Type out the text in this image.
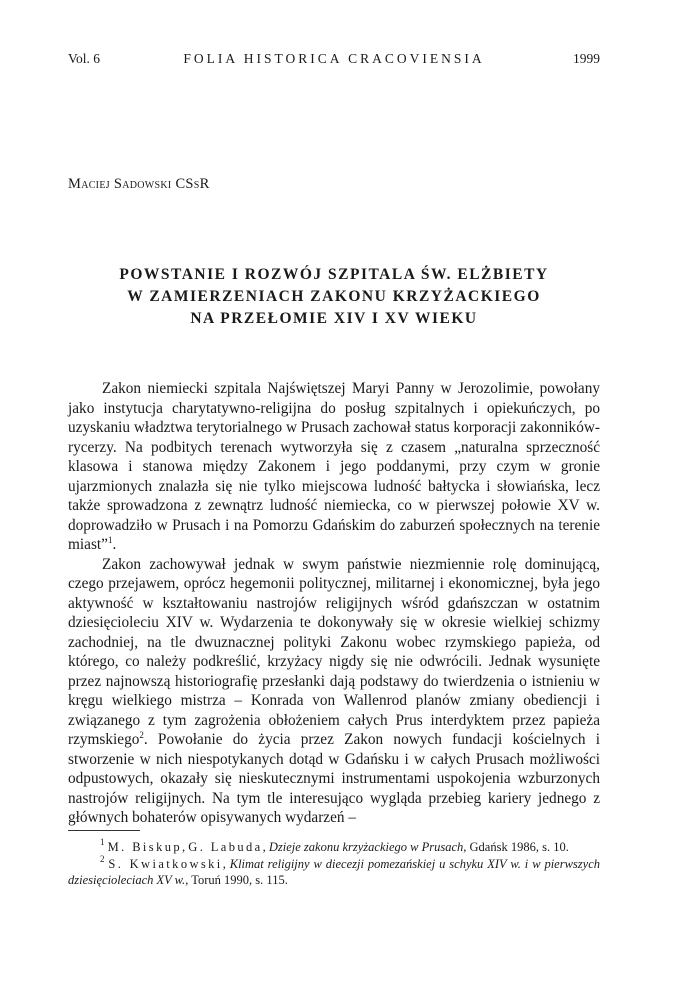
Vol. 6	FOLIA HISTORICA CRACOVIENSIA	1999
Maciej Sadowski CSsR
POWSTANIE I ROZWÓJ SZPITALA ŚW. ELŻBIETY
W ZAMIERZENIACH ZAKONU KRZYŻACKIEGO
NA PRZEŁOMIE XIV I XV WIEKU

Zakon niemiecki szpitala Najświętszej Maryi Panny w Jerozolimie, powołany jako instytucja charytatywno-religijna do posług szpitalnych i opiekuńczych, po uzyskaniu władztwa terytorialnego w Prusach zachował status korporacji zakonników-rycerzy. Na podbitych terenach wytworzyła się z czasem „naturalna sprzeczność klasowa i stanowa między Zakonem i jego poddanymi, przy czym w gronie ujarzmionych znalazła się nie tylko miejscowa ludność bałtycka i słowiańska, lecz także sprowadzona z zewnątrz ludność niemiecka, co w pierwszej połowie XV w. doprowadziło w Prusach i na Pomorzu Gdańskim do zaburzeń społecznych na terenie miast”$^1$.

Zakon zachowywał jednak w swym państwie niezmiennie rolę dominującą, czego przejawem, oprócz hegemonii politycznej, militarnej i ekonomicznej, była jego aktywność w kształtowaniu nastrojów religijnych wśród gdańszczan w ostatnim dziesięcioleciu XIV w. Wydarzenia te dokonywały się w okresie wielkiej schizmy zachodniej, na tle dwuznacznej polityki Zakonu wobec rzymskiego papieża, od którego, co należy podkreślić, krzyżacy nigdy się nie odwrócili. Jednak wysunięte przez najnowszą historiografię przesłanki dają podstawy do twierdzenia o istnieniu w kręgu wielkiego mistrza – Konrada von Wallenrod planów zmiany obediencji i związanego z tym zagrożenia obłożeniem całych Prus interdyktem przez papieża rzymskiego$^2$. Powołanie do życia przez Zakon nowych fundacji kościelnych i stworzenie w nich niespotykanych dotąd w Gdańsku i w całych Prusach możliwości odpustowych, okazały się nieskutecznymi instrumentami uspokojenia wzburzonych nastrojów religijnych. Na tym tle interesująco wygląda przebieg kariery jednego z głównych bohaterów opisywanych wydarzeń –

$^1$ M. Biskup, G. Labuda, Dzieje zakonu krzyżackiego w Prusach, Gdańsk 1986, s. 10.

$^2$ S. Kwiatkowski, Klimat religijny w diecezji pomezańskiej u schyku XIV w. i w pierwszych dziesięcioleciach XV w., Toruń 1990, s. 115.
